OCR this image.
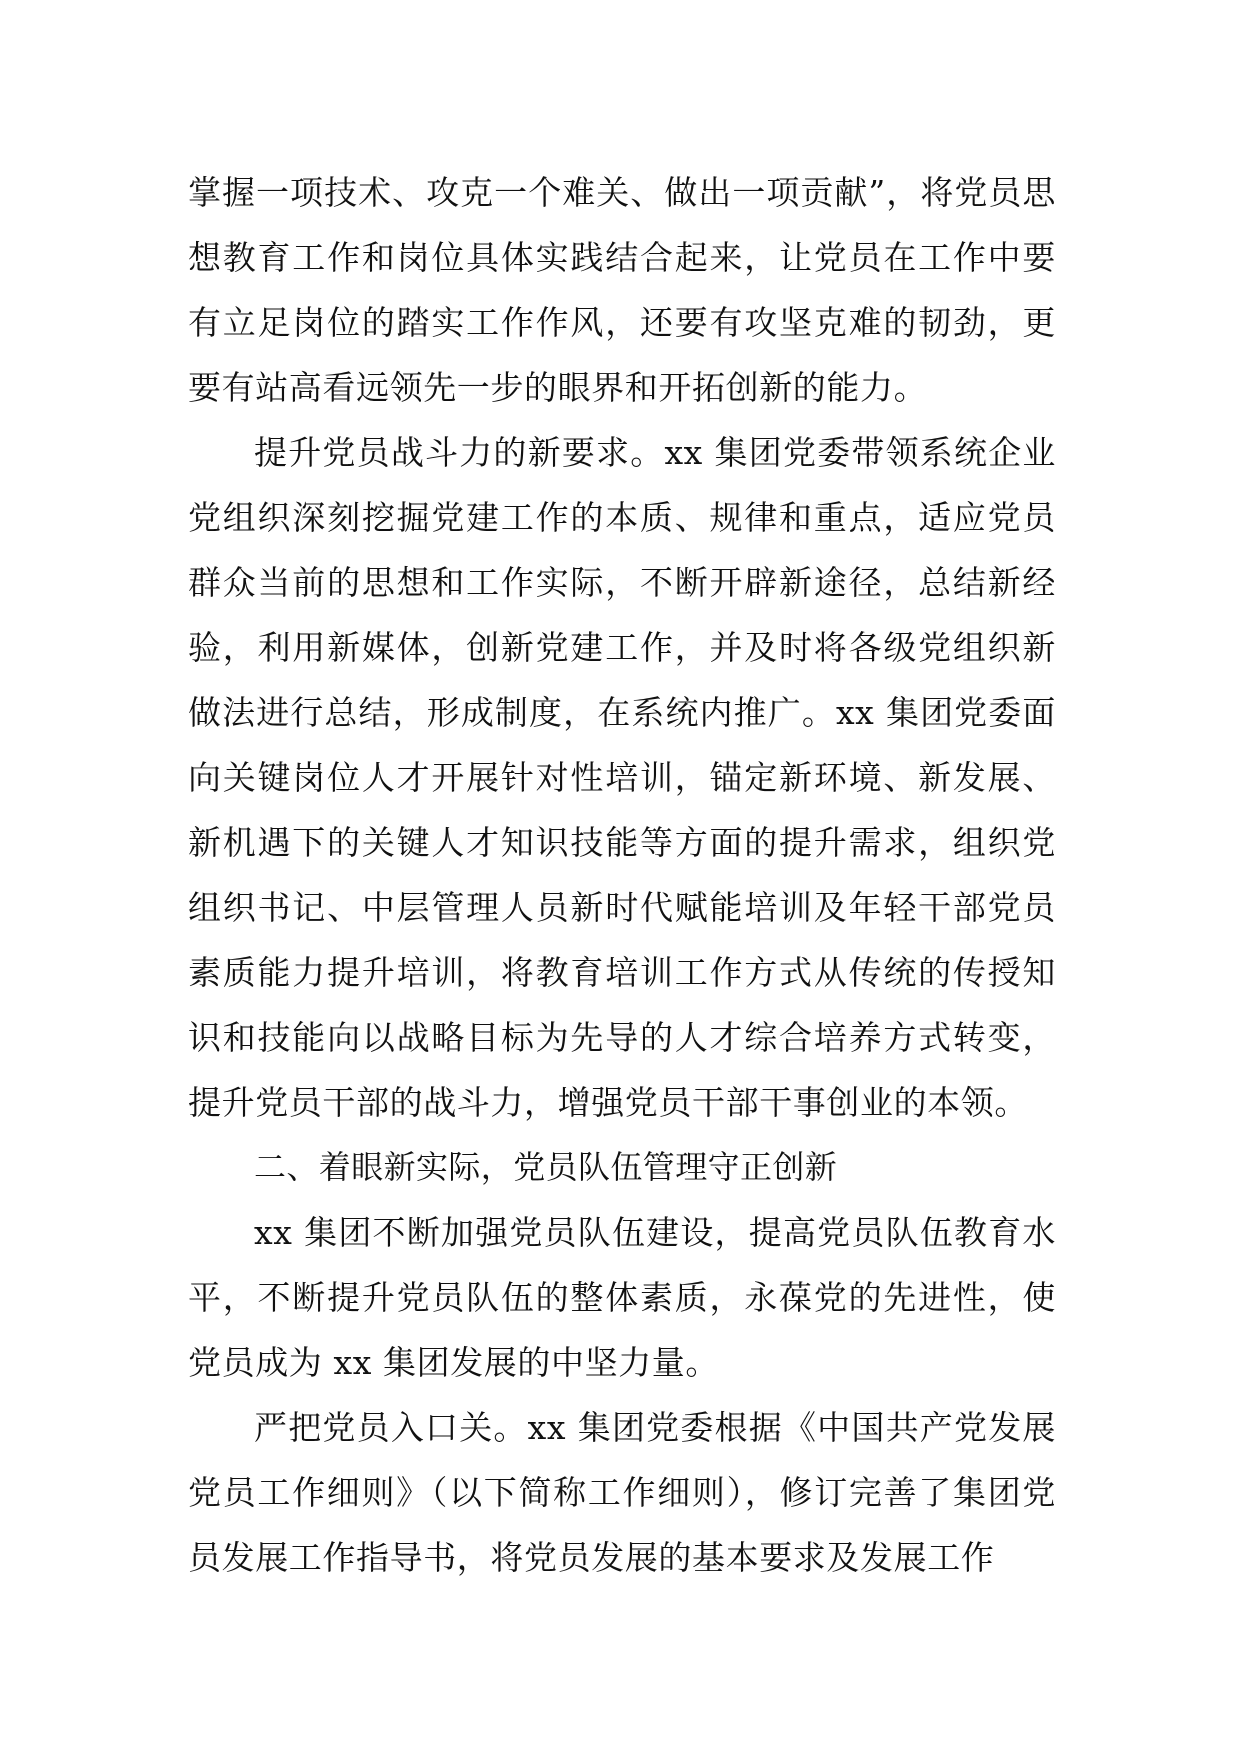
掌握一项技术、攻克一个难关、做出一项贡献”，将党员思想教育工作和岗位具体实践结合起来，让党员在工作中要有立足岗位的踏实工作作风，还要有攻坚克难的韧劲，更要有站高看远领先一步的眼界和开拓创新的能力。

提升党员战斗力的新要求。xx 集团党委带领系统企业党组织深刻挖掘党建工作的本质、规律和重点，适应党员群众当前的思想和工作实际，不断开辟新途径，总结新经验，利用新媒体，创新党建工作，并及时将各级党组织新做法进行总结，形成制度，在系统内推广。xx 集团党委面向关键岗位人才开展针对性培训，锚定新环境、新发展、新机遇下的关键人才知识技能等方面的提升需求，组织党组织书记、中层管理人员新时代赋能培训及年轻干部党员素质能力提升培训，将教育培训工作方式从传统的传授知识和技能向以战略目标为先导的人才综合培养方式转变，提升党员干部的战斗力，增强党员干部干事创业的本领。

二、着眼新实际，党员队伍管理守正创新

xx 集团不断加强党员队伍建设，提高党员队伍教育水平，不断提升党员队伍的整体素质，永葆党的先进性，使党员成为 xx 集团发展的中坚力量。

严把党员入口关。xx 集团党委根据《中国共产党发展党员工作细则》（以下简称工作细则），修订完善了集团党员发展工作指导书，将党员发展的基本要求及发展工作
